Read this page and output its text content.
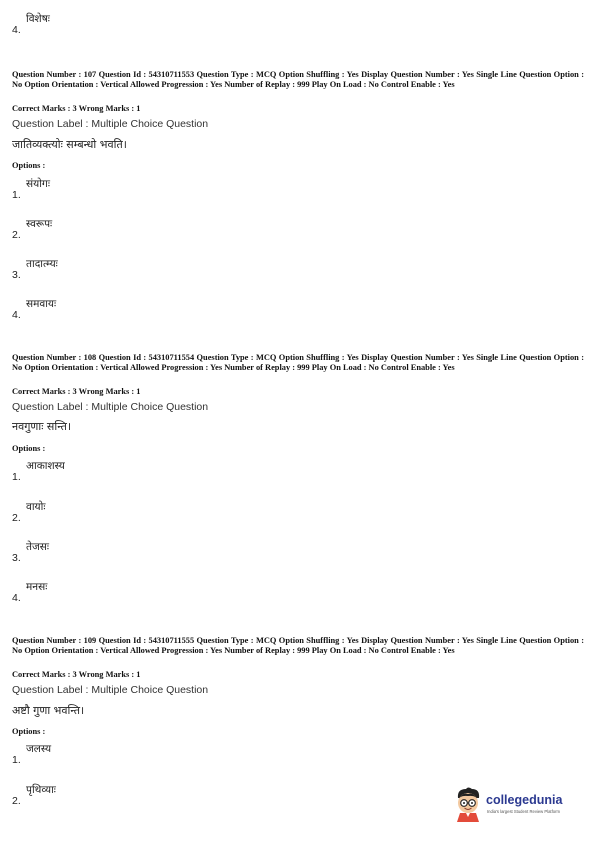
4.
विशेषः
Question Number : 107 Question Id : 54310711553 Question Type : MCQ Option Shuffling : Yes Display Question Number : Yes Single Line Question Option : No Option Orientation : Vertical Allowed Progression : Yes Number of Replay : 999 Play On Load : No Control Enable : Yes
Correct Marks : 3 Wrong Marks : 1
Question Label : Multiple Choice Question
जातिव्यक्त्योः सम्बन्धो भवति।
Options :
1.
संयोगः
2.
स्वरूपः
3.
तादात्म्यः
4.
समवायः
Question Number : 108 Question Id : 54310711554 Question Type : MCQ Option Shuffling : Yes Display Question Number : Yes Single Line Question Option : No Option Orientation : Vertical Allowed Progression : Yes Number of Replay : 999 Play On Load : No Control Enable : Yes
Correct Marks : 3 Wrong Marks : 1
Question Label : Multiple Choice Question
नवगुणाः सन्ति।
Options :
1.
आकाशस्य
2.
वायोः
3.
तेजसः
4.
मनसः
Question Number : 109 Question Id : 54310711555 Question Type : MCQ Option Shuffling : Yes Display Question Number : Yes Single Line Question Option : No Option Orientation : Vertical Allowed Progression : Yes Number of Replay : 999 Play On Load : No Control Enable : Yes
Correct Marks : 3 Wrong Marks : 1
Question Label : Multiple Choice Question
अष्टौ गुणा भवन्ति।
Options :
1.
जलस्य
2.
पृथिव्याः
collegedunia
India's largest Student Review Platform
